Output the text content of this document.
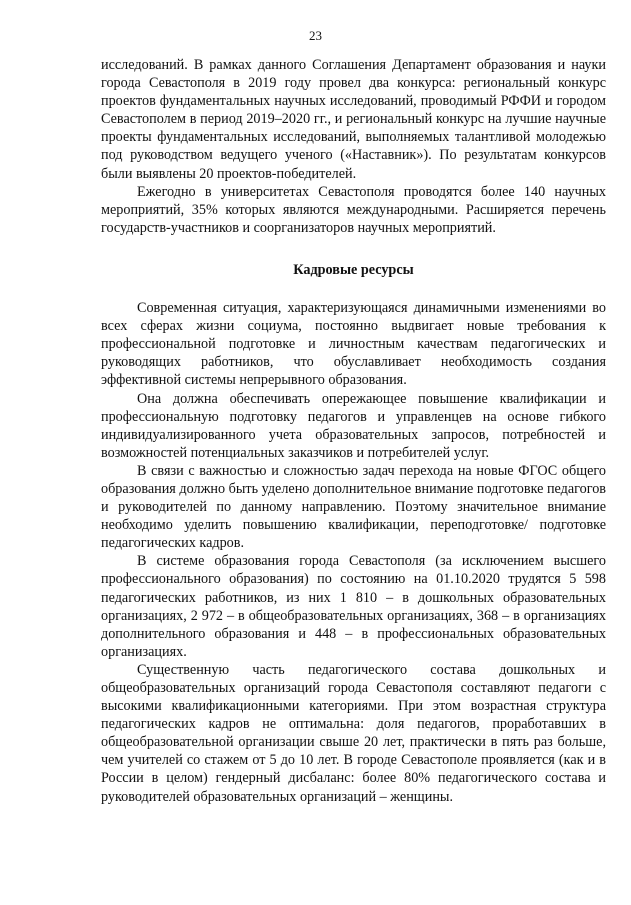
23

исследований. В рамках данного Соглашения Департамент образования и науки города Севастополя в 2019 году провел два конкурса: региональный конкурс проектов фундаментальных научных исследований, проводимый РФФИ и городом Севастополем в период 2019–2020 гг., и региональный конкурс на лучшие научные проекты фундаментальных исследований, выполняемых талантливой молодежью под руководством ведущего ученого («Наставник»). По результатам конкурсов были выявлены 20 проектов-победителей.

Ежегодно в университетах Севастополя проводятся более 140 научных мероприятий, 35% которых являются международными. Расширяется перечень государств-участников и соорганизаторов научных мероприятий.

Кадровые ресурсы

Современная ситуация, характеризующаяся динамичными изменениями во всех сферах жизни социума, постоянно выдвигает новые требования к профессиональной подготовке и личностным качествам педагогических и руководящих работников, что обуславливает необходимость создания эффективной системы непрерывного образования.

Она должна обеспечивать опережающее повышение квалификации и профессиональную подготовку педагогов и управленцев на основе гибкого индивидуализированного учета образовательных запросов, потребностей и возможностей потенциальных заказчиков и потребителей услуг.

В связи с важностью и сложностью задач перехода на новые ФГОС общего образования должно быть уделено дополнительное внимание подготовке педагогов и руководителей по данному направлению. Поэтому значительное внимание необходимо уделить повышению квалификации, переподготовке/ подготовке педагогических кадров.

В системе образования города Севастополя (за исключением высшего профессионального образования) по состоянию на 01.10.2020 трудятся 5 598 педагогических работников, из них 1 810 – в дошкольных образовательных организациях, 2 972 – в общеобразовательных организациях, 368 – в организациях дополнительного образования и 448 – в профессиональных образовательных организациях.

Существенную часть педагогического состава дошкольных и общеобразовательных организаций города Севастополя составляют педагоги с высокими квалификационными категориями. При этом возрастная структура педагогических кадров не оптимальна: доля педагогов, проработавших в общеобразовательной организации свыше 20 лет, практически в пять раз больше, чем учителей со стажем от 5 до 10 лет. В городе Севастополе проявляется (как и в России в целом) гендерный дисбаланс: более 80% педагогического состава и руководителей образовательных организаций – женщины.
